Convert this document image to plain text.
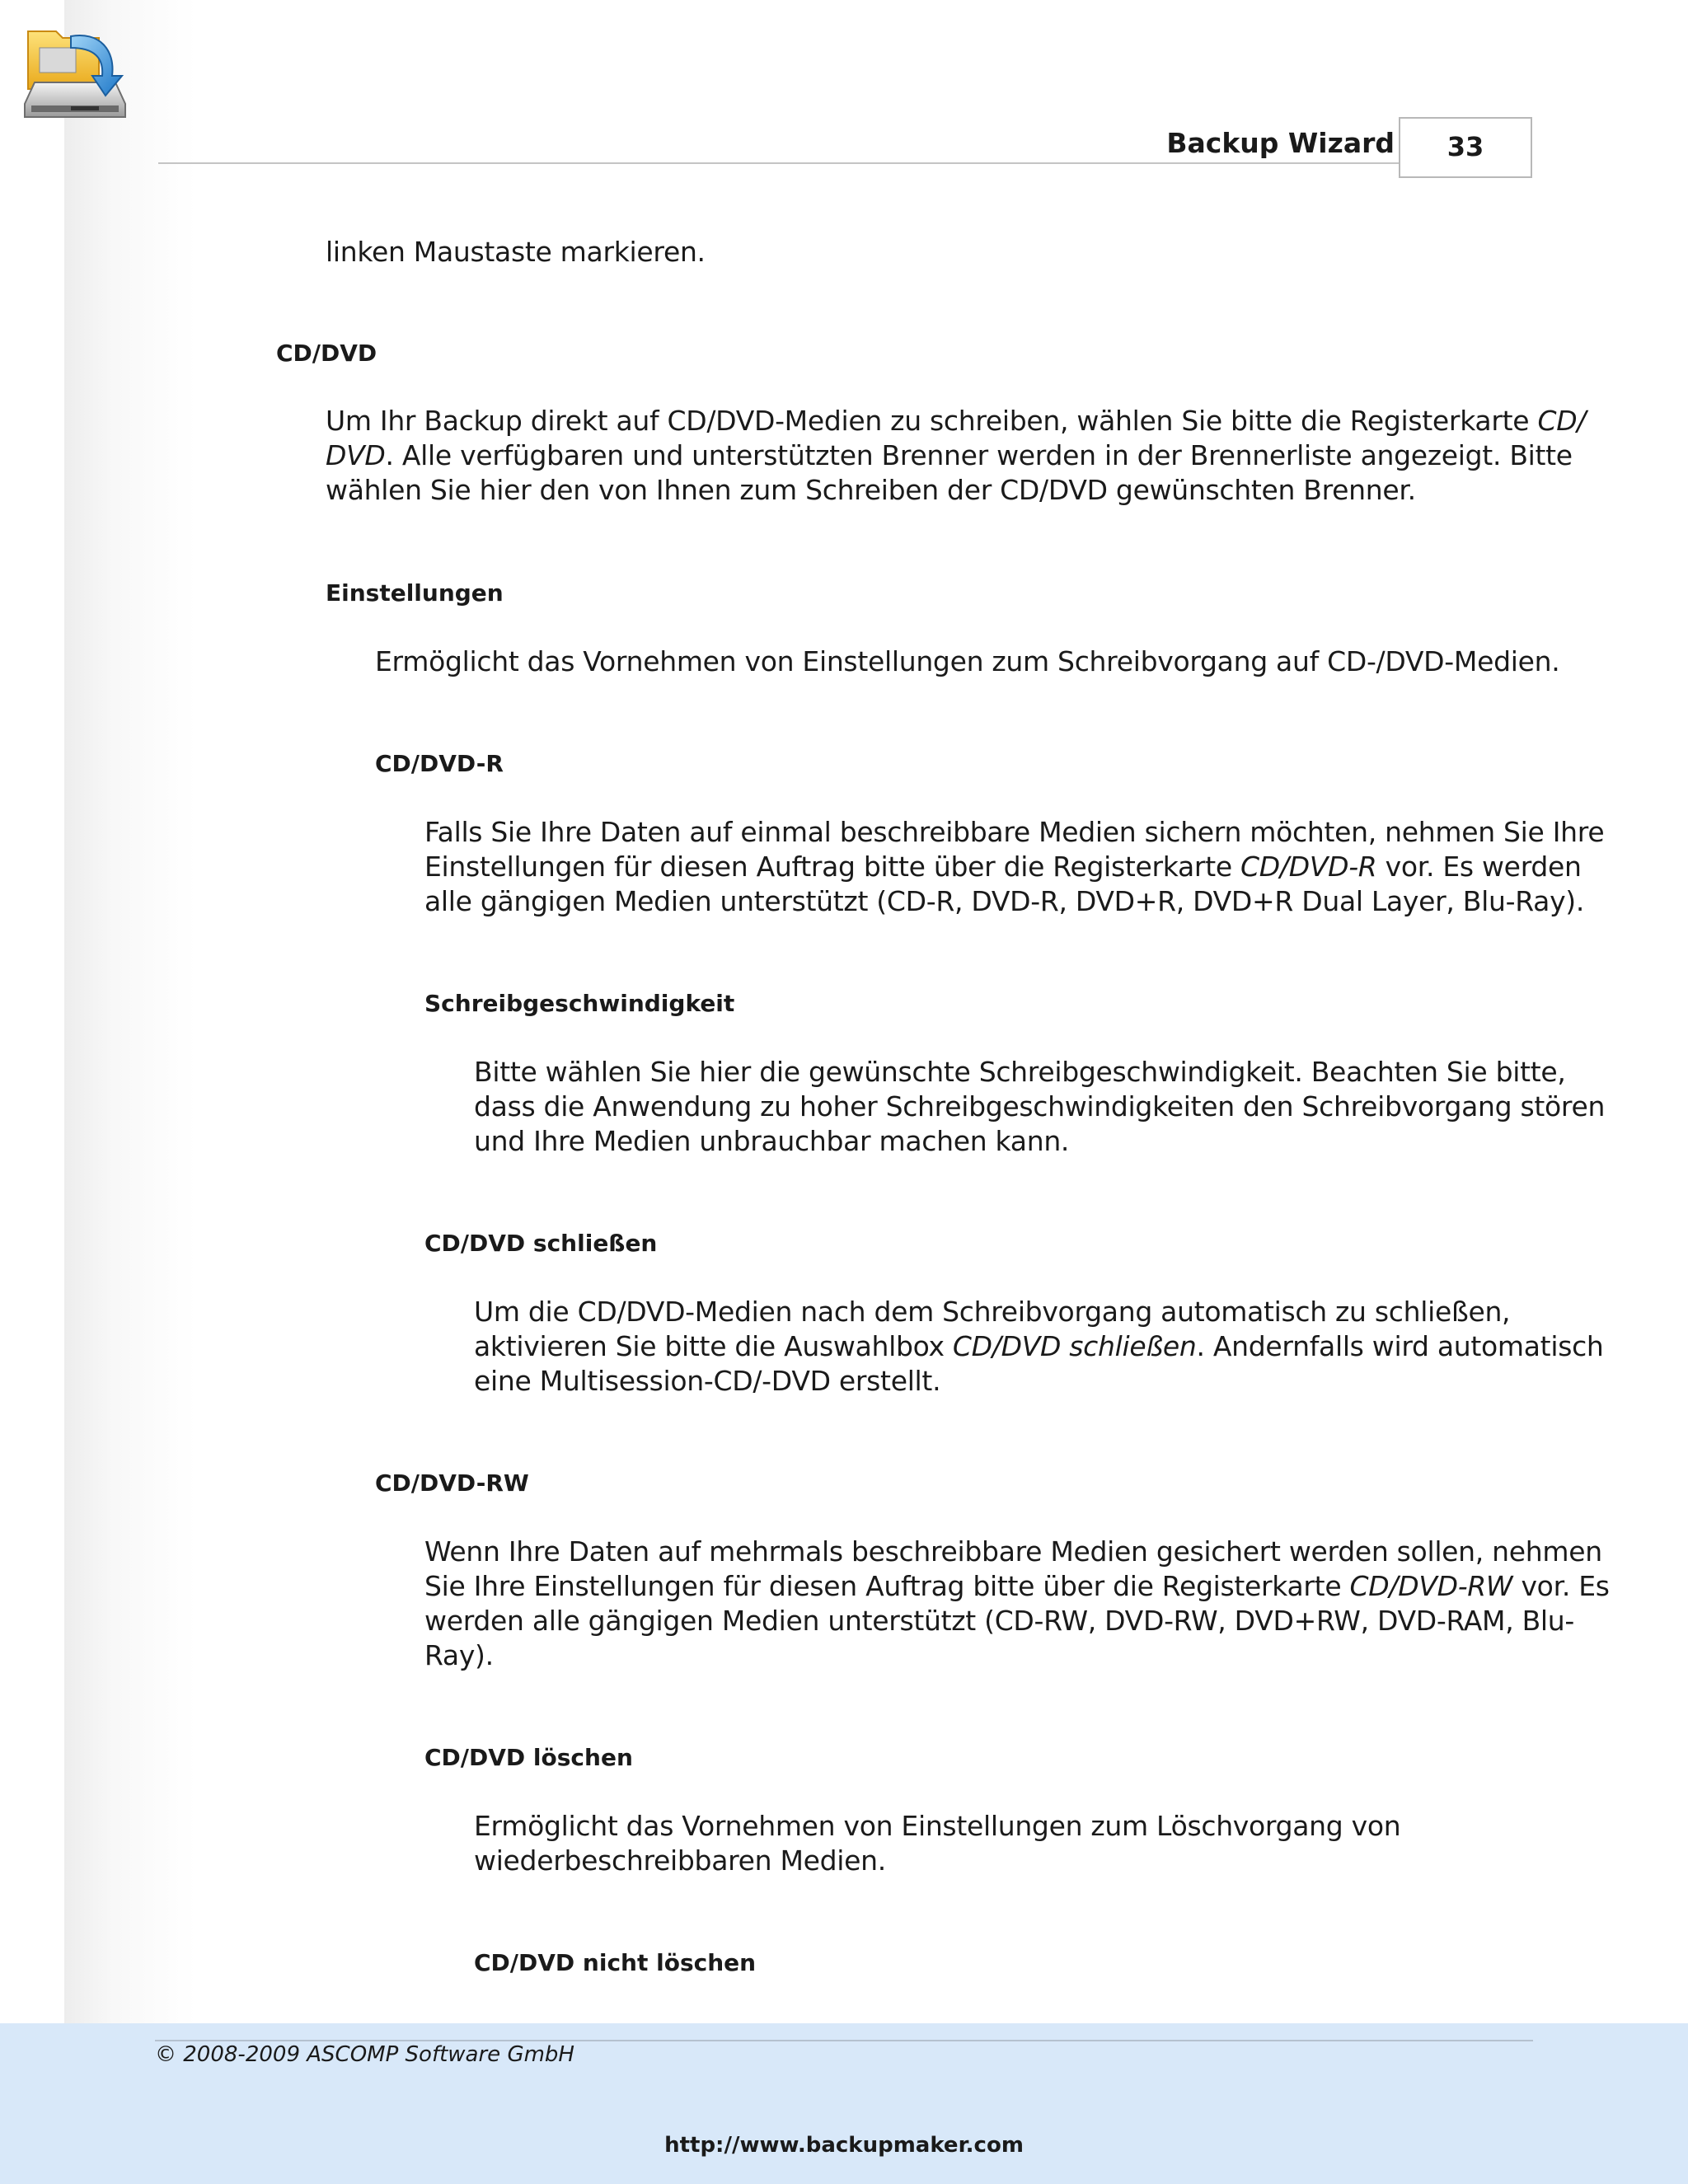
Backup Wizard	33

linken Maustaste markieren.

CD/DVD

Um Ihr Backup direkt auf CD/DVD-Medien zu schreiben, wählen Sie bitte die Registerkarte CD/

DVD. Alle verfügbaren und unterstützten Brenner werden in der Brennerliste angezeigt. Bitte

wählen Sie hier den von Ihnen zum Schreiben der CD/DVD gewünschten Brenner.

Einstellungen

Ermöglicht das Vornehmen von Einstellungen zum Schreibvorgang auf CD-/DVD-Medien.

CD/DVD-R

Falls Sie Ihre Daten auf einmal beschreibbare Medien sichern möchten, nehmen Sie Ihre

Einstellungen für diesen Auftrag bitte über die Registerkarte CD/DVD-R vor. Es werden

alle gängigen Medien unterstützt (CD-R, DVD-R, DVD+R, DVD+R Dual Layer, Blu-Ray).

Schreibgeschwindigkeit

Bitte wählen Sie hier die gewünschte Schreibgeschwindigkeit. Beachten Sie bitte,

dass die Anwendung zu hoher Schreibgeschwindigkeiten den Schreibvorgang stören

und Ihre Medien unbrauchbar machen kann.

CD/DVD schließen

Um die CD/DVD-Medien nach dem Schreibvorgang automatisch zu schließen,

aktivieren Sie bitte die Auswahlbox CD/DVD schließen. Andernfalls wird automatisch

eine Multisession-CD/-DVD erstellt.

CD/DVD-RW

Wenn Ihre Daten auf mehrmals beschreibbare Medien gesichert werden sollen, nehmen

Sie Ihre Einstellungen für diesen Auftrag bitte über die Registerkarte CD/DVD-RW vor. Es

werden alle gängigen Medien unterstützt (CD-RW, DVD-RW, DVD+RW, DVD-RAM, Blu-

Ray).

CD/DVD löschen

Ermöglicht das Vornehmen von Einstellungen zum Löschvorgang von

wiederbeschreibbaren Medien.

CD/DVD nicht löschen
© 2008-2009 ASCOMP Software GmbH
http://www.backupmaker.com
